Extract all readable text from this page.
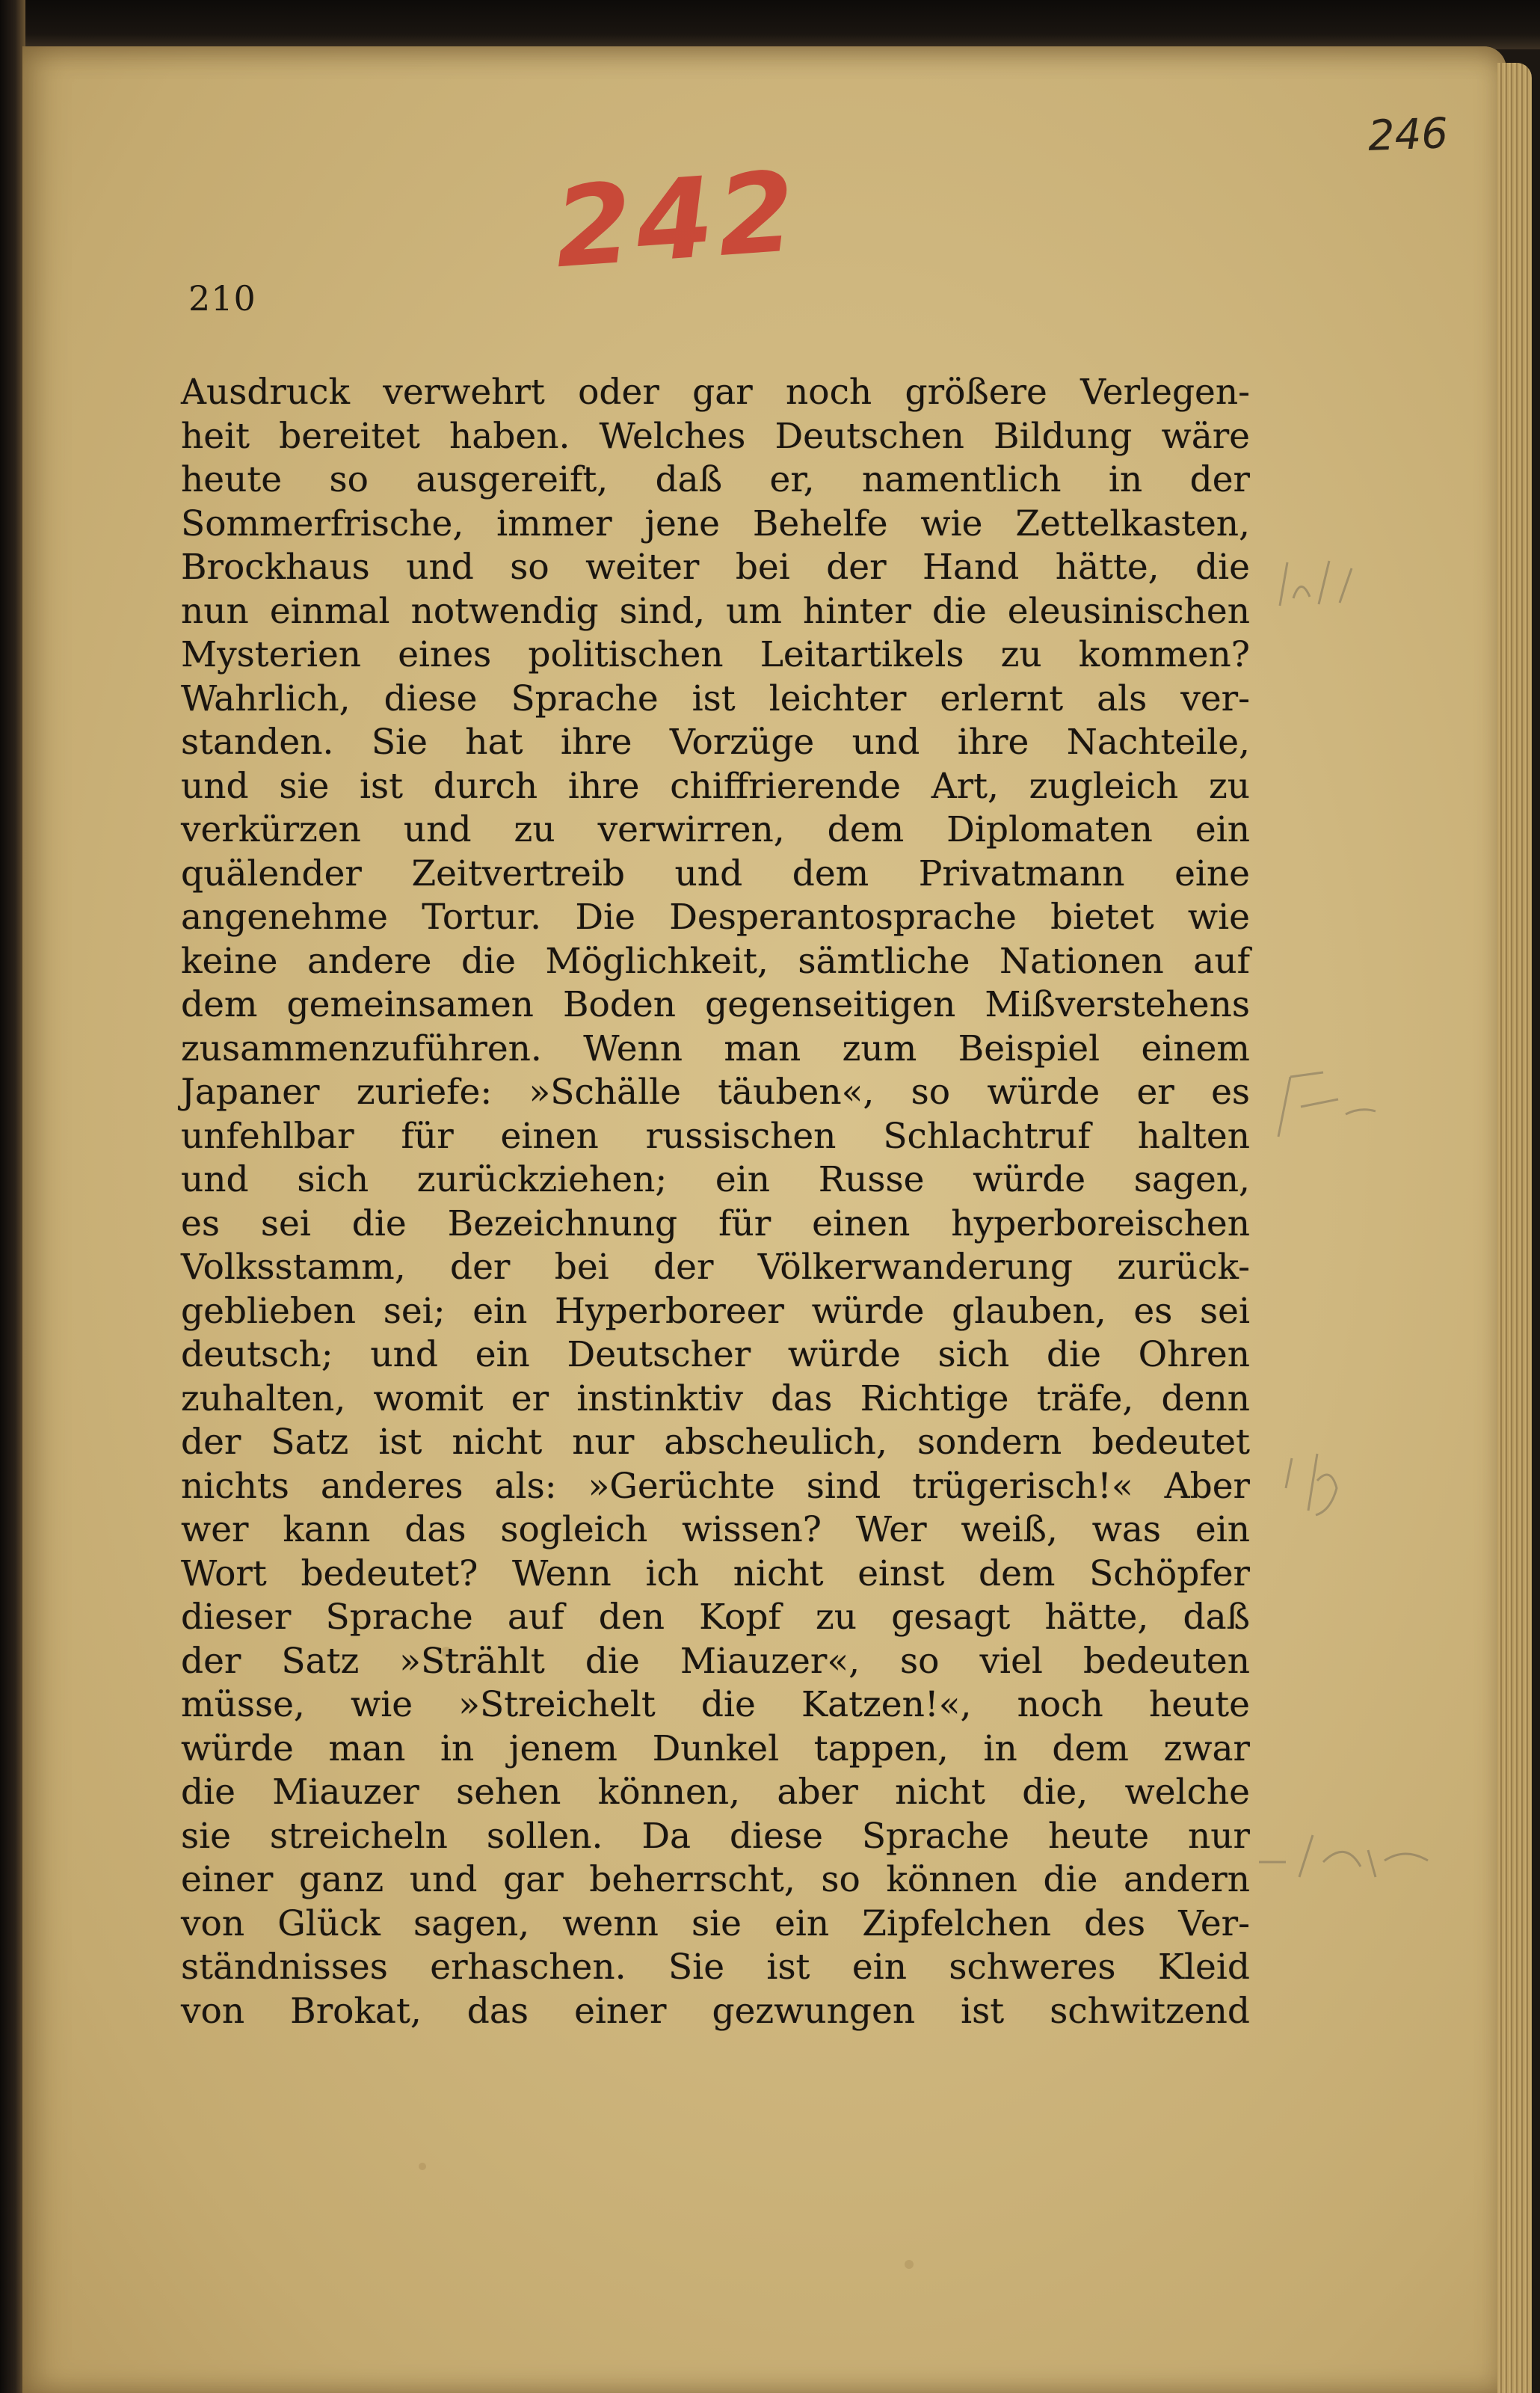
246
242
210
Ausdruck verwehrt oder gar noch größere Verlegen-
heit bereitet haben. Welches Deutschen Bildung wäre
heute so ausgereift, daß er, namentlich in der
Sommerfrische, immer jene Behelfe wie Zettelkasten,
Brockhaus und so weiter bei der Hand hätte, die
nun einmal notwendig sind, um hinter die eleusinischen
Mysterien eines politischen Leitartikels zu kommen?
Wahrlich, diese Sprache ist leichter erlernt als ver-
standen. Sie hat ihre Vorzüge und ihre Nachteile,
und sie ist durch ihre chiffrierende Art, zugleich zu
verkürzen und zu verwirren, dem Diplomaten ein
quälender Zeitvertreib und dem Privatmann eine
angenehme Tortur. Die Desperantosprache bietet wie
keine andere die Möglichkeit, sämtliche Nationen auf
dem gemeinsamen Boden gegenseitigen Mißverstehens
zusammenzuführen. Wenn man zum Beispiel einem
Japaner zuriefe: »Schälle täuben«, so würde er es
unfehlbar für einen russischen Schlachtruf halten
und sich zurückziehen; ein Russe würde sagen,
es sei die Bezeichnung für einen hyperboreischen
Volksstamm, der bei der Völkerwanderung zurück-
geblieben sei; ein Hyperboreer würde glauben, es sei
deutsch; und ein Deutscher würde sich die Ohren
zuhalten, womit er instinktiv das Richtige träfe, denn
der Satz ist nicht nur abscheulich, sondern bedeutet
nichts anderes als: »Gerüchte sind trügerisch!« Aber
wer kann das sogleich wissen? Wer weiß, was ein
Wort bedeutet? Wenn ich nicht einst dem Schöpfer
dieser Sprache auf den Kopf zu gesagt hätte, daß
der Satz »Strählt die Miauzer«, so viel bedeuten
müsse, wie »Streichelt die Katzen!«, noch heute
würde man in jenem Dunkel tappen, in dem zwar
die Miauzer sehen können, aber nicht die, welche
sie streicheln sollen. Da diese Sprache heute nur
einer ganz und gar beherrscht, so können die andern
von Glück sagen, wenn sie ein Zipfelchen des Ver-
ständnisses erhaschen. Sie ist ein schweres Kleid
von Brokat, das einer gezwungen ist schwitzend
